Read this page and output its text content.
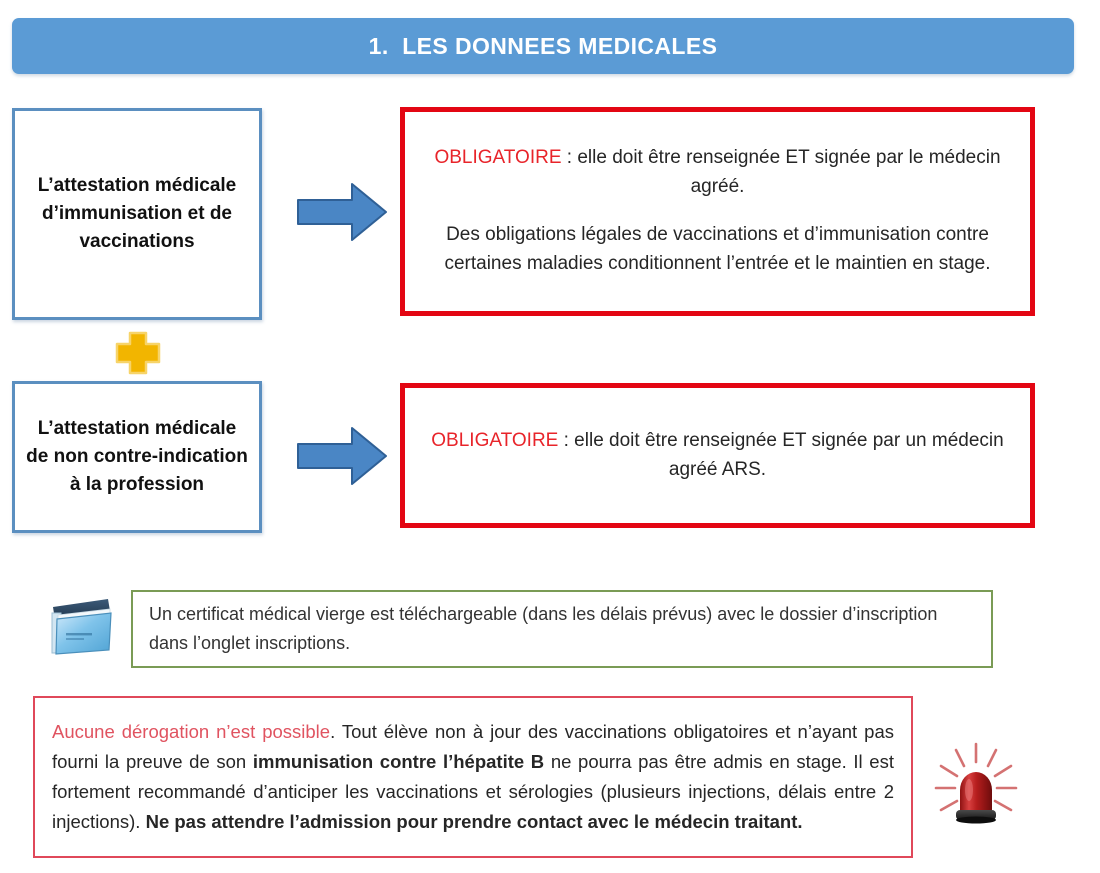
1.  LES DONNEES MEDICALES
L’attestation médicale d’immunisation et de vaccinations
L’attestation médicale de non contre-indication à la profession

OBLIGATOIRE : elle doit être renseignée ET signée par le médecin agréé.

Des obligations légales de vaccinations et d’immunisation contre certaines maladies conditionnent l’entrée et le maintien en stage.

OBLIGATOIRE : elle doit être renseignée ET signée par un médecin agréé ARS.

Un certificat médical vierge est téléchargeable (dans les délais prévus) avec le dossier d’inscription dans l’onglet inscriptions.
Aucune dérogation n’est possible. Tout élève non à jour des vaccinations obligatoires et n’ayant pas fourni la preuve de son immunisation contre l’hépatite B ne pourra pas être admis en stage. Il est fortement recommandé d’anticiper les vaccinations et sérologies (plusieurs injections, délais entre 2 injections). Ne pas attendre l’admission pour prendre contact avec le médecin traitant.
